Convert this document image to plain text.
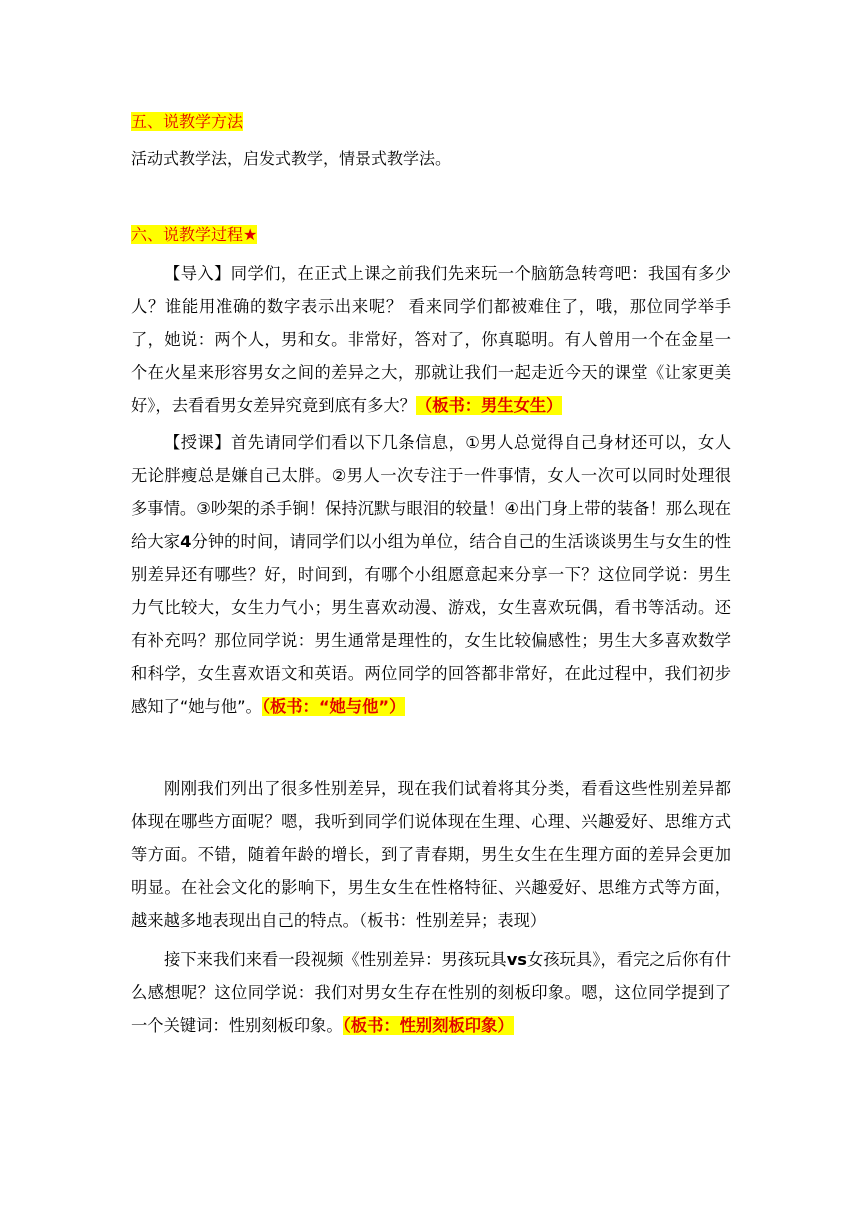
五、说教学方法
活动式教学法，启发式教学，情景式教学法。
六、说教学过程★

【导入】同学们，在正式上课之前我们先来玩一个脑筋急转弯吧：我国有多少人？谁能用准确的数字表示出来呢？ 看来同学们都被难住了，哦，那位同学举手了，她说：两个人，男和女。非常好，答对了，你真聪明。有人曾用一个在金星一个在火星来形容男女之间的差异之大，那就让我们一起走近今天的课堂《让家更美好》，去看看男女差异究竟到底有多大？（板书：男生女生）

【授课】首先请同学们看以下几条信息，①男人总觉得自己身材还可以，女人无论胖瘦总是嫌自己太胖。②男人一次专注于一件事情，女人一次可以同时处理很多事情。③吵架的杀手锏！保持沉默与眼泪的较量！④出门身上带的装备！那么现在给大家4分钟的时间，请同学们以小组为单位，结合自己的生活谈谈男生与女生的性别差异还有哪些？好，时间到，有哪个小组愿意起来分享一下？这位同学说：男生力气比较大，女生力气小；男生喜欢动漫、游戏，女生喜欢玩偶，看书等活动。还有补充吗？那位同学说：男生通常是理性的，女生比较偏感性；男生大多喜欢数学和科学，女生喜欢语文和英语。两位同学的回答都非常好，在此过程中，我们初步感知了“她与他”。（板书：“她与他”）

刚刚我们列出了很多性别差异，现在我们试着将其分类，看看这些性别差异都体现在哪些方面呢？嗯，我听到同学们说体现在生理、心理、兴趣爱好、思维方式等方面。不错，随着年龄的增长，到了青春期，男生女生在生理方面的差异会更加明显。在社会文化的影响下，男生女生在性格特征、兴趣爱好、思维方式等方面，越来越多地表现出自己的特点。（板书：性别差异；表现）

接下来我们来看一段视频《性别差异：男孩玩具vs女孩玩具》，看完之后你有什么感想呢？这位同学说：我们对男女生存在性别的刻板印象。嗯，这位同学提到了一个关键词：性别刻板印象。（板书：性别刻板印象）
